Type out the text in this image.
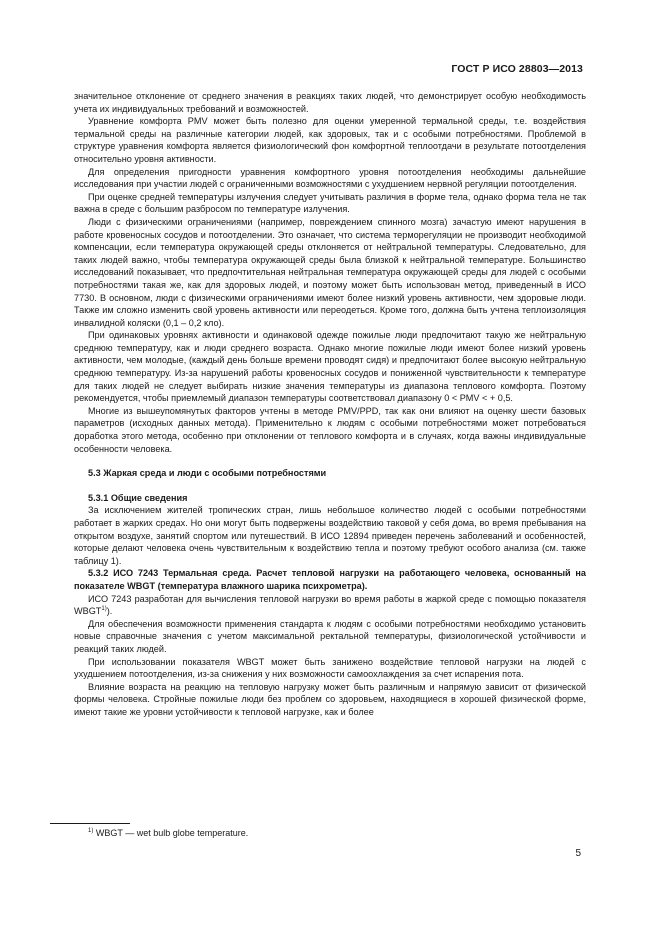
ГОСТ Р ИСО 28803—2013

значительное отклонение от среднего значения в реакциях таких людей, что демонстрирует особую необходимость учета их индивидуальных требований и возможностей.

Уравнение комфорта PMV может быть полезно для оценки умеренной термальной среды, т.е. воздействия термальной среды на различные категории людей, как здоровых, так и с особыми потребностями. Проблемой в структуре уравнения комфорта является физиологический фон комфортной теплоотдачи в результате потоотделения относительно уровня активности.

Для определения пригодности уравнения комфортного уровня потоотделения необходимы дальнейшие исследования при участии людей с ограниченными возможностями с ухудшением нервной регуляции потоотделения.

При оценке средней температуры излучения следует учитывать различия в форме тела, однако форма тела не так важна в среде с большим разбросом по температуре излучения.

Люди с физическими ограничениями (например, повреждением спинного мозга) зачастую имеют нарушения в работе кровеносных сосудов и потоотделении. Это означает, что система терморегуляции не производит необходимой компенсации, если температура окружающей среды отклоняется от нейтральной температуры. Следовательно, для таких людей важно, чтобы температура окружающей среды была близкой к нейтральной температуре. Большинство исследований показывает, что предпочтительная нейтральная температура окружающей среды для людей с особыми потребностями такая же, как для здоровых людей, и поэтому может быть использован метод, приведенный в ИСО 7730. В основном, люди с физическими ограничениями имеют более низкий уровень активности, чем здоровые люди. Также им сложно изменить свой уровень активности или переодеться. Кроме того, должна быть учтена теплоизоляция инвалидной коляски (0,1 – 0,2 кло).

При одинаковых уровнях активности и одинаковой одежде пожилые люди предпочитают такую же нейтральную среднюю температуру, как и люди среднего возраста. Однако многие пожилые люди имеют более низкий уровень активности, чем молодые, (каждый день больше времени проводят сидя) и предпочитают более высокую нейтральную среднюю температуру. Из-за нарушений работы кровеносных сосудов и пониженной чувствительности к температуре для таких людей не следует выбирать низкие значения температуры из диапазона теплового комфорта. Поэтому рекомендуется, чтобы приемлемый диапазон температуры соответствовал диапазону 0 < PMV < + 0,5.

Многие из вышеупомянутых факторов учтены в методе PMV/PPD, так как они влияют на оценку шести базовых параметров (исходных данных метода). Применительно к людям с особыми потребностями может потребоваться доработка этого метода, особенно при отклонении от теплового комфорта и в случаях, когда важны индивидуальные особенности человека.

5.3 Жаркая среда и люди с особыми потребностями

5.3.1 Общие сведения

За исключением жителей тропических стран, лишь небольшое количество людей с особыми потребностями работает в жарких средах. Но они могут быть подвержены воздействию таковой у себя дома, во время пребывания на открытом воздухе, занятий спортом или путешествий. В ИСО 12894 приведен перечень заболеваний и особенностей, которые делают человека очень чувствительным к воздействию тепла и поэтому требуют особого анализа (см. также таблицу 1).

5.3.2 ИСО 7243 Термальная среда. Расчет тепловой нагрузки на работающего человека, основанный на показателе WBGT (температура влажного шарика психрометра).

ИСО 7243 разработан для вычисления тепловой нагрузки во время работы в жаркой среде с помощью показателя WBGT$^{1)}$).

Для обеспечения возможности применения стандарта к людям с особыми потребностями необходимо установить новые справочные значения с учетом максимальной ректальной температуры, физиологической устойчивости и реакций таких людей.

При использовании показателя WBGT может быть занижено воздействие тепловой нагрузки на людей с ухудшением потоотделения, из-за снижения у них возможности самоохлаждения за счет испарения пота.

Влияние возраста на реакцию на тепловую нагрузку может быть различным и напрямую зависит от физической формы человека. Стройные пожилые люди без проблем со здоровьем, находящиеся в хорошей физической форме, имеют такие же уровни устойчивости к тепловой нагрузке, как и более

$^{1)}$ WBGT — wet bulb globe temperature.
5
